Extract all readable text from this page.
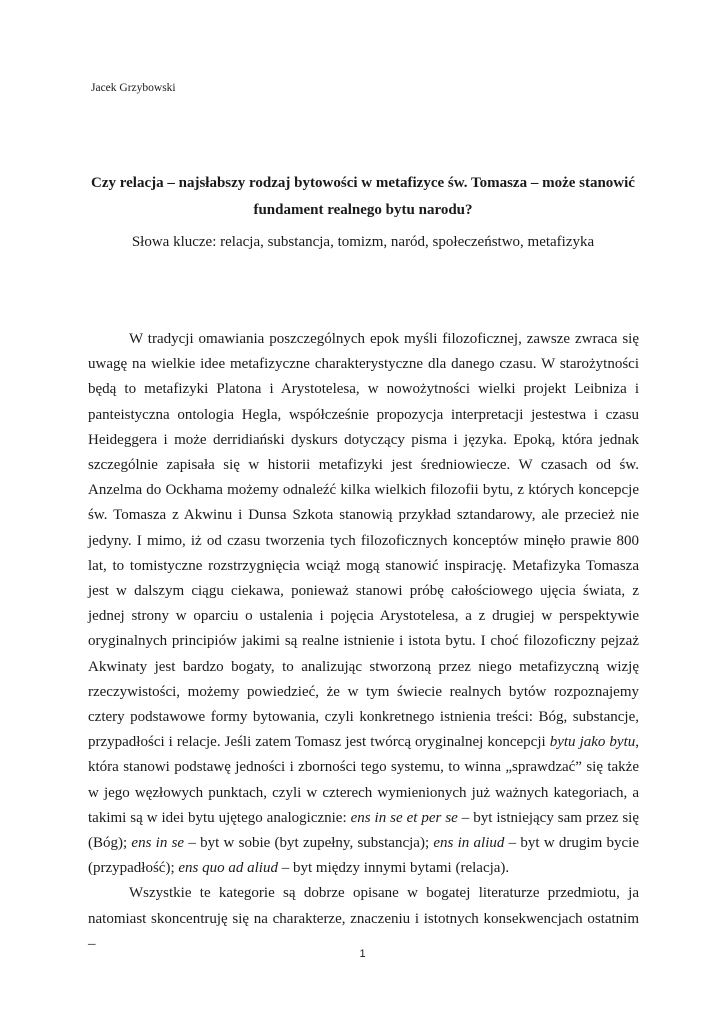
Jacek Grzybowski
Czy relacja – najsłabszy rodzaj bytowości w metafizyce św. Tomasza – może stanowić fundament realnego bytu narodu?
Słowa klucze: relacja, substancja, tomizm, naród, społeczeństwo, metafizyka

W tradycji omawiania poszczególnych epok myśli filozoficznej, zawsze zwraca się uwagę na wielkie idee metafizyczne charakterystyczne dla danego czasu. W starożytności będą to metafizyki Platona i Arystotelesa, w nowożytności wielki projekt Leibniza i panteistyczna ontologia Hegla, współcześnie propozycja interpretacji jestestwa i czasu Heideggera i może derridiański dyskurs dotyczący pisma i języka. Epoką, która jednak szczególnie zapisała się w historii metafizyki jest średniowiecze. W czasach od św. Anzelma do Ockhama możemy odnaleźć kilka wielkich filozofii bytu, z których koncepcje św. Tomasza z Akwinu i Dunsa Szkota stanowią przykład sztandarowy, ale przecież nie jedyny. I mimo, iż od czasu tworzenia tych filozoficznych konceptów minęło prawie 800 lat, to tomistyczne rozstrzygnięcia wciąż mogą stanowić inspirację. Metafizyka Tomasza jest w dalszym ciągu ciekawa, ponieważ stanowi próbę całościowego ujęcia świata, z jednej strony w oparciu o ustalenia i pojęcia Arystotelesa, a z drugiej w perspektywie oryginalnych principiów jakimi są realne istnienie i istota bytu. I choć filozoficzny pejzaż Akwinaty jest bardzo bogaty, to analizując stworzoną przez niego metafizyczną wizję rzeczywistości, możemy powiedzieć, że w tym świecie realnych bytów rozpoznajemy cztery podstawowe formy bytowania, czyli konkretnego istnienia treści: Bóg, substancje, przypadłości i relacje. Jeśli zatem Tomasz jest twórcą oryginalnej koncepcji bytu jako bytu, która stanowi podstawę jedności i zborności tego systemu, to winna „sprawdzać” się także w jego węzłowych punktach, czyli w czterech wymienionych już ważnych kategoriach, a takimi są w idei bytu ujętego analogicznie: ens in se et per se – byt istniejący sam przez się (Bóg); ens in se – byt w sobie (byt zupełny, substancja); ens in aliud – byt w drugim bycie (przypadłość); ens quo ad aliud – byt między innymi bytami (relacja).

Wszystkie te kategorie są dobrze opisane w bogatej literaturze przedmiotu, ja natomiast skoncentruję się na charakterze, znaczeniu i istotnych konsekwencjach ostatnim –

1
